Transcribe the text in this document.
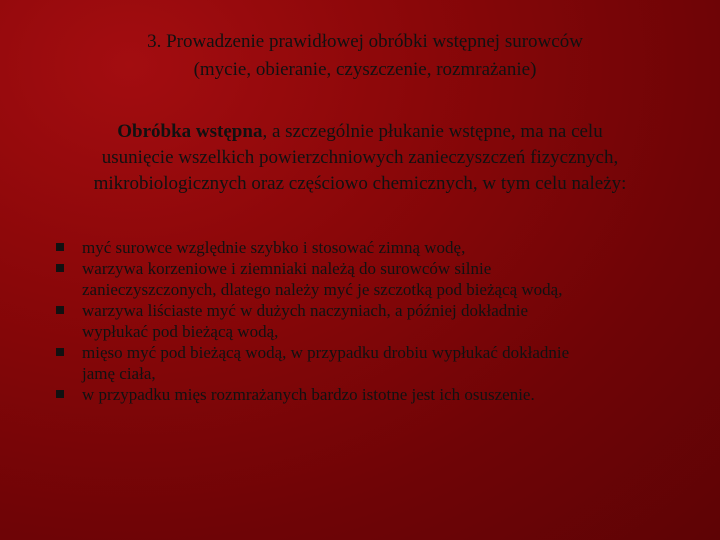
3. Prowadzenie prawidłowej obróbki wstępnej surowców
(mycie, obieranie, czyszczenie, rozmrażanie)
Obróbka wstępna, a szczególnie płukanie wstępne, ma na celu
usunięcie wszelkich powierzchniowych zanieczyszczeń fizycznych,
mikrobiologicznych oraz częściowo chemicznych, w tym celu należy:
myć surowce względnie szybko i stosować zimną wodę,
warzywa korzeniowe i ziemniaki należą do surowców silnie
zanieczyszczonych, dlatego należy myć je szczotką pod bieżącą wodą,
warzywa liściaste myć w dużych naczyniach, a później dokładnie
wypłukać pod bieżącą wodą,
mięso myć pod bieżącą wodą, w przypadku drobiu wypłukać dokładnie
jamę ciała,
w przypadku mięs rozmrażanych bardzo istotne jest ich osuszenie.
